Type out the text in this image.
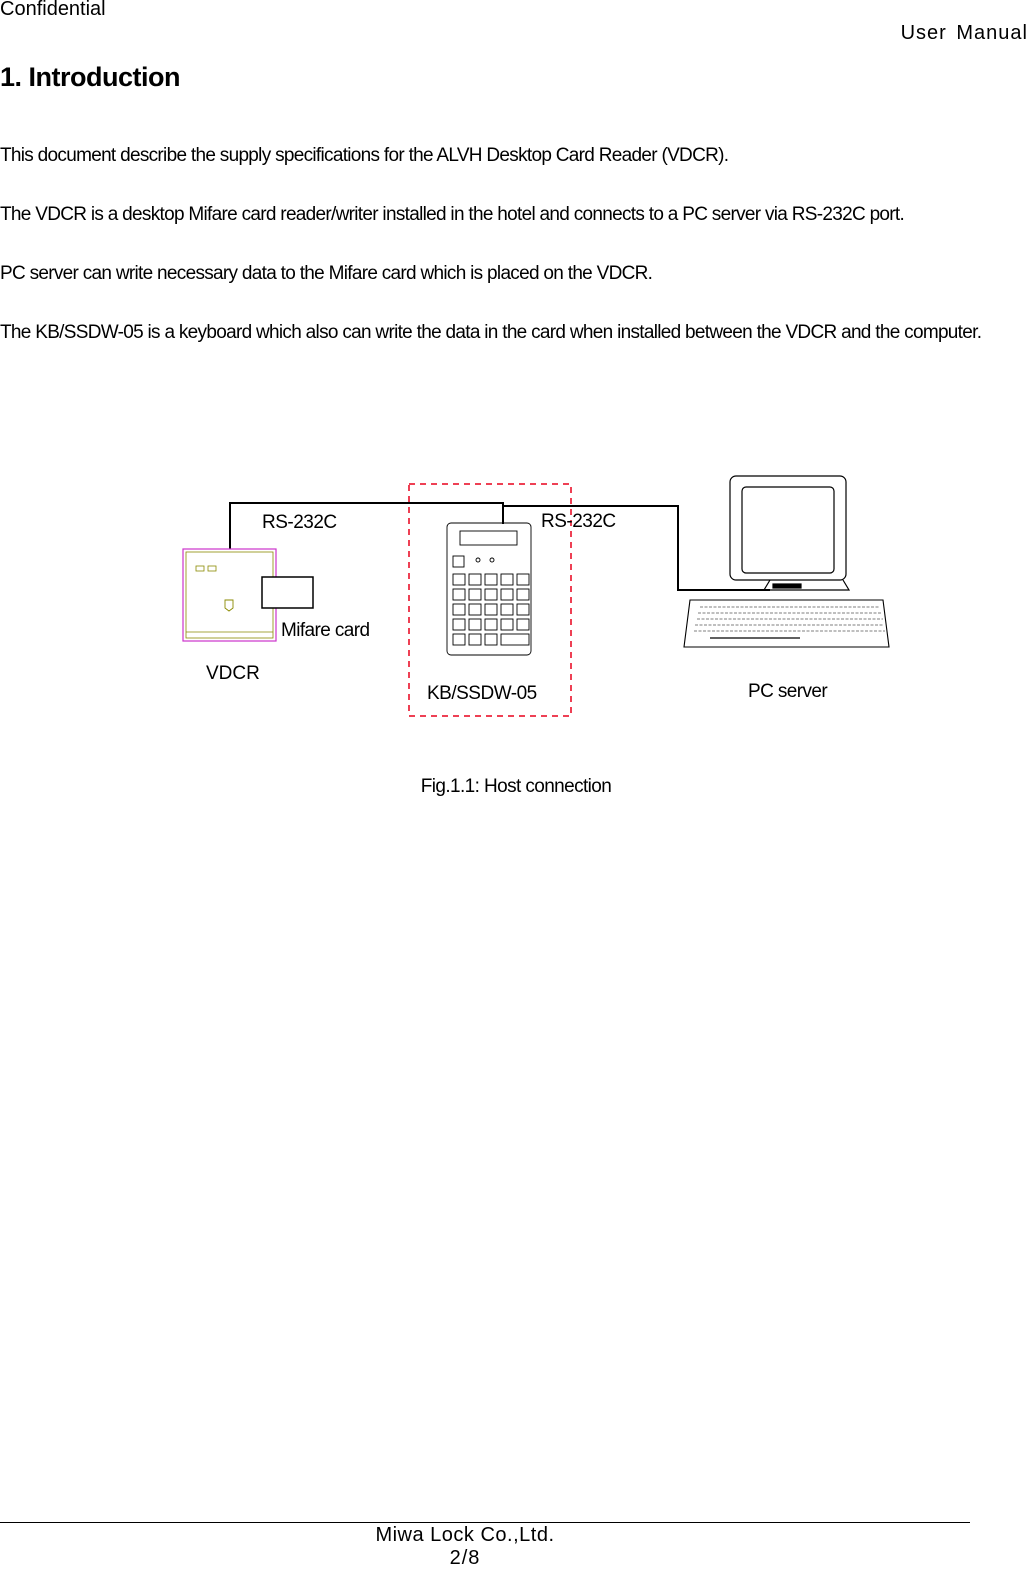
Confidential
User Manual
1. Introduction
This document describe the supply specifications for the ALVH Desktop Card Reader (VDCR).
The VDCR is a desktop Mifare card reader/writer installed in the hotel and connects to a PC server via RS-232C port.
PC server can write necessary data to the Mifare card which is placed on the VDCR.
The KB/SSDW-05 is a keyboard which also can write the data in the card when installed between the VDCR and the computer.
RS-232C	RS-232C
Mifare card
VDCR
KB/SSDW-05	PC server
Fig.1.1: Host connection
Miwa Lock Co.,Ltd.
2/8
